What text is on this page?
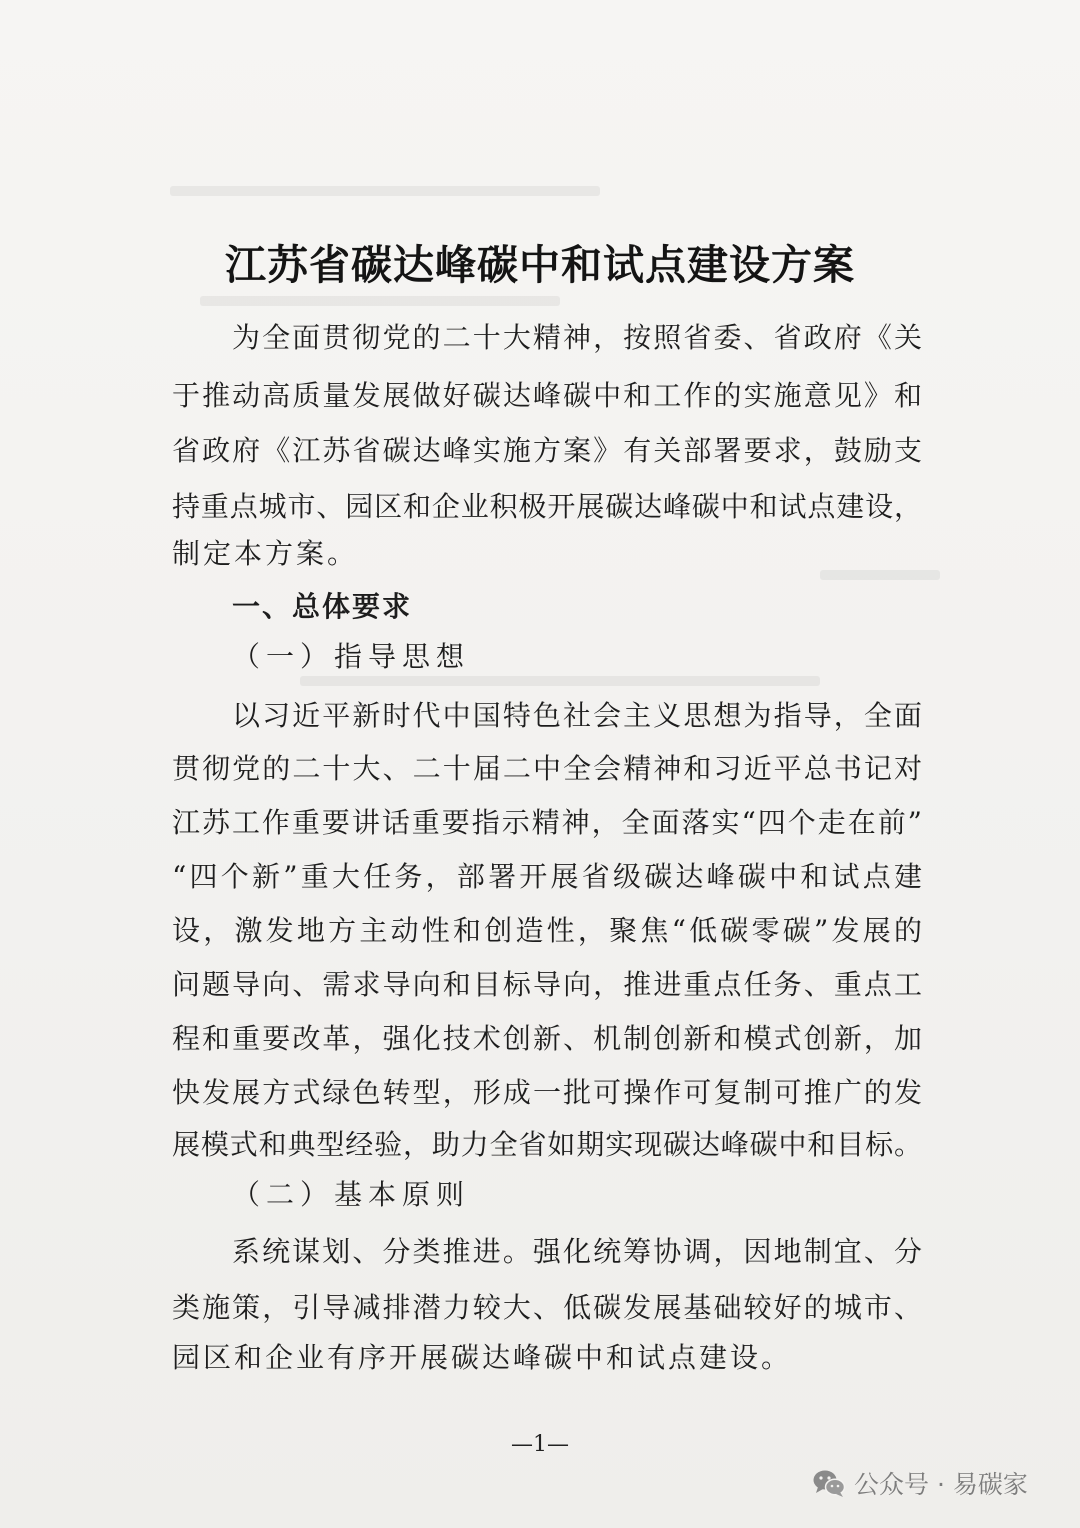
江苏省碳达峰碳中和试点建设方案

为全面贯彻党的二十大精神，按照省委、省政府《关

于推动高质量发展做好碳达峰碳中和工作的实施意见》和

省政府《江苏省碳达峰实施方案》有关部署要求，鼓励支

持重点城市、园区和企业积极开展碳达峰碳中和试点建设，

制定本方案。

一、总体要求

（一）指导思想

以习近平新时代中国特色社会主义思想为指导，全面

贯彻党的二十大、二十届二中全会精神和习近平总书记对

江苏工作重要讲话重要指示精神，全面落实“四个走在前”

“四个新”重大任务，部署开展省级碳达峰碳中和试点建

设，激发地方主动性和创造性，聚焦“低碳零碳”发展的

问题导向、需求导向和目标导向，推进重点任务、重点工

程和重要改革，强化技术创新、机制创新和模式创新，加

快发展方式绿色转型，形成一批可操作可复制可推广的发

展模式和典型经验，助力全省如期实现碳达峰碳中和目标。

（二）基本原则

系统谋划、分类推进。强化统筹协调，因地制宜、分

类施策，引导减排潜力较大、低碳发展基础较好的城市、

园区和企业有序开展碳达峰碳中和试点建设。

—1—

公众号 · 易碳家
